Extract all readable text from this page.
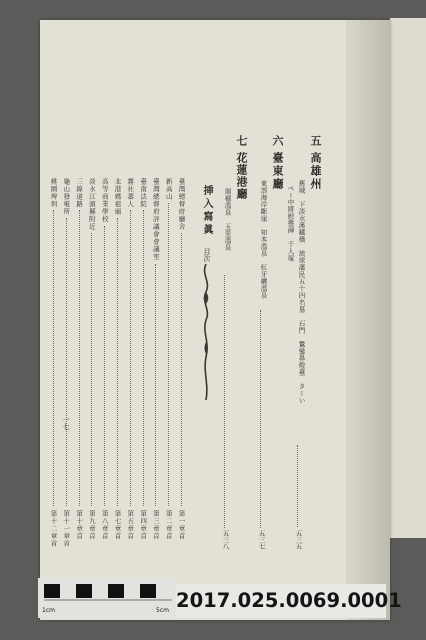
五
高雄州
舊城　下淡水溪鐵橋　琉球藩民五十四名墓　石門　鵞鑾鼻燈臺　ターい
五三五
ペー中將慰靈碑　千人塚
六
臺東廳
東部海岸斷崖　知本溫泉　紅牙曬溫泉
五三七
七
花蓮港廳
瑞穗溫泉　玉里溫泉
五三八
挿入寫眞
目次
臺灣總督府廳舍
第一章首
新高山
第二章首
臺灣總督府評議會會議室
第三章首
臺南法院
第四章首
霧社蕃人
第五章首
北港媽祖廟
第七章首
高等商業學校
第八章首
淡水江頭縣附近
第九章首
三線道路
第十章首
龜山發電所
第十一章首
桃園埤圳
第十二章首
一七
1cm	5cm 2017.025.0069.0001
